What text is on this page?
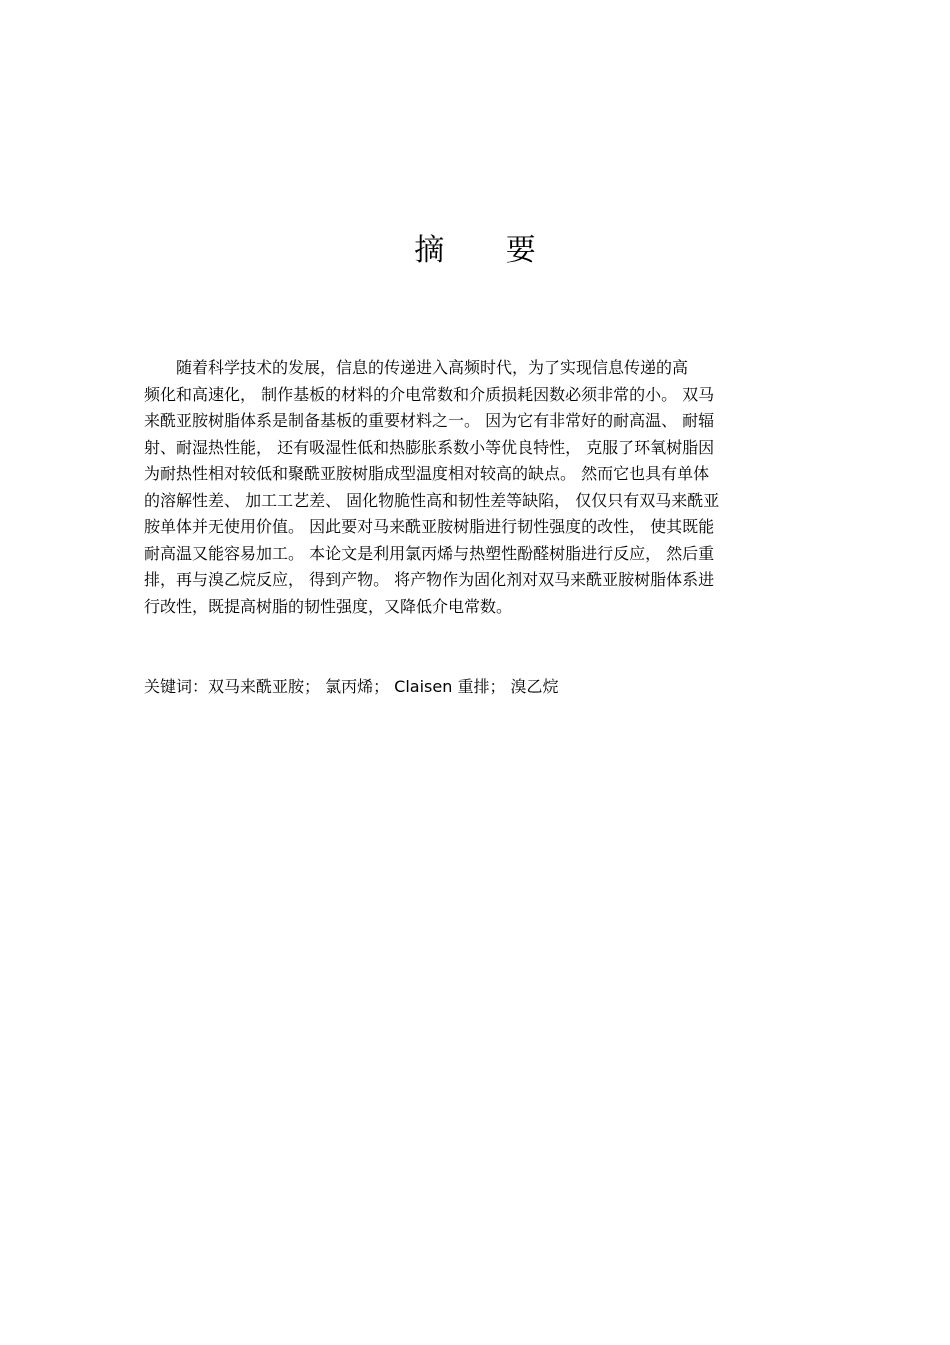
摘 要
　　随着科学技术的发展，信息的传递进入高频时代，为了实现信息传递的高
频化和高速化， 制作基板的材料的介电常数和介质损耗因数必须非常的小。 双马
来酰亚胺树脂体系是制备基板的重要材料之一。 因为它有非常好的耐高温、 耐辐
射、耐湿热性能， 还有吸湿性低和热膨胀系数小等优良特性， 克服了环氧树脂因
为耐热性相对较低和聚酰亚胺树脂成型温度相对较高的缺点。 然而它也具有单体
的溶解性差、 加工工艺差、 固化物脆性高和韧性差等缺陷， 仅仅只有双马来酰亚
胺单体并无使用价值。 因此要对马来酰亚胺树脂进行韧性强度的改性， 使其既能
耐高温又能容易加工。 本论文是利用氯丙烯与热塑性酚醛树脂进行反应， 然后重
排，再与溴乙烷反应， 得到产物。 将产物作为固化剂对双马来酰亚胺树脂体系进
行改性，既提高树脂的韧性强度，又降低介电常数。
关键词：双马来酰亚胺； 氯丙烯； Claisen 重排； 溴乙烷
